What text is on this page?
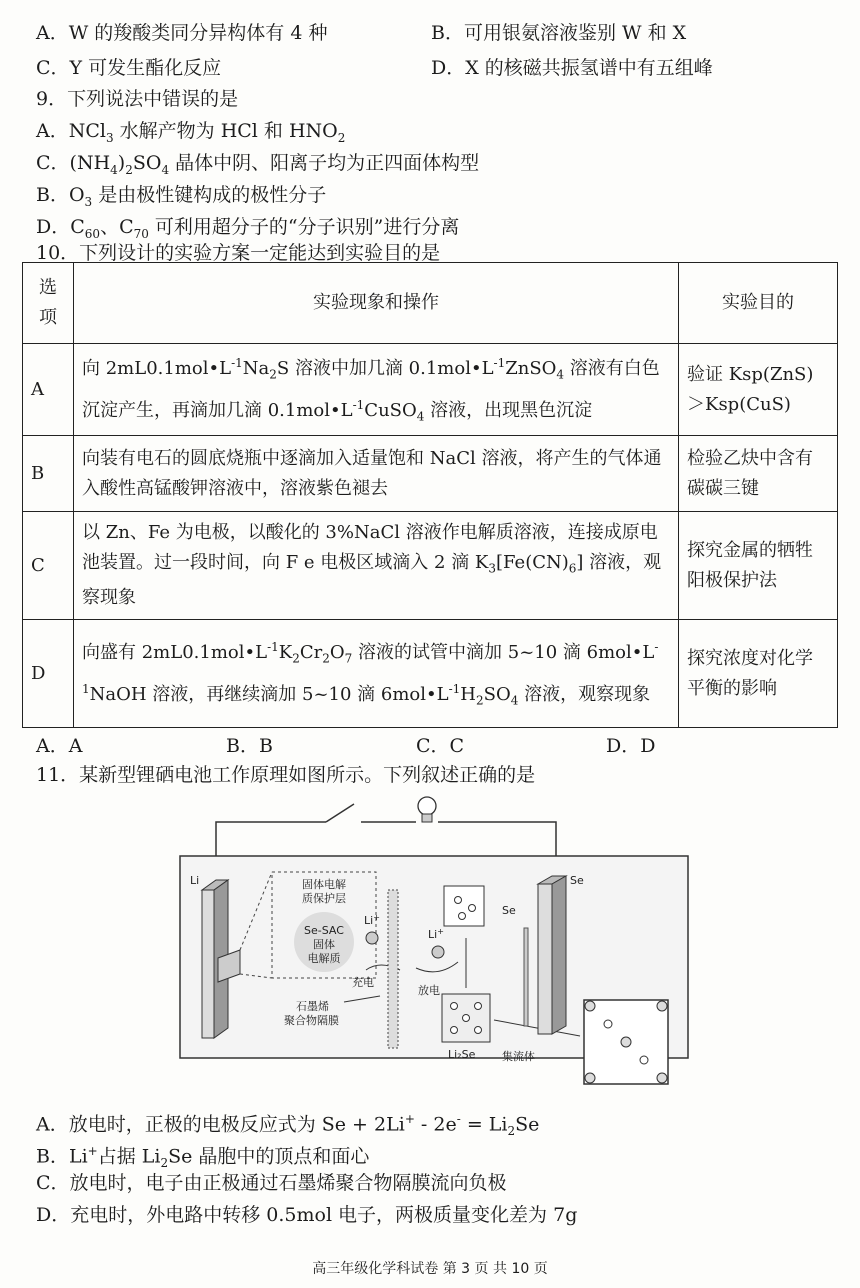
A．W 的羧酸类同分异构体有 4 种	B．可用银氨溶液鉴别 W 和 X
C．Y 可发生酯化反应	D．X 的核磁共振氢谱中有五组峰
9．下列说法中错误的是
A．NCl$_3$ 水解产物为 HCl 和 $HNO_2$
C．$(NH_4)_2SO_4$ 晶体中阴、阳离子均为正四面体构型
B．$O_3$ 是由极性键构成的极性分子
D．$C_{60}$、$C_{70}$ 可利用超分子的“分子识别”进行分离
10．下列设计的实验方案一定能达到实验目的是
选项	实验现象和操作	实验目的
A	向 $2mL0.1mol•L^{-1}Na_2S$ 溶液中加几滴 $0.1mol•L^{-1}ZnSO_4$ 溶液有白色沉淀产生，再滴加几滴 $0.1mol•L^{-1}CuSO_4$ 溶液，出现黑色沉淀	验证 Ksp(ZnS)＞Ksp(CuS)
B	向装有电石的圆底烧瓶中逐滴加入适量饱和 NaCl 溶液，将产生的气体通入酸性高锰酸钾溶液中，溶液紫色褪去	检验乙炔中含有碳碳三键
C	以 Zn、Fe 为电极，以酸化的 3%NaCl 溶液作电解质溶液，连接成原电池装置。过一段时间，向 F e 电极区域滴入 2 滴 $K_3[Fe(CN)_6]$ 溶液，观察现象	探究金属的牺牲阳极保护法
D	向盛有 $2mL0.1mol•L^{-1}K_2Cr_2O_7$ 溶液的试管中滴加 5~10 滴 $6mol•L^{-1}NaOH$ 溶液，再继续滴加 5~10 滴 $6mol•L^{-1}H_2SO_4$ 溶液，观察现象	探究浓度对化学平衡的影响
A．A	B．B	C．C	D．D
11．某新型锂硒电池工作原理如图所示。下列叙述正确的是
Li	固体电解
质保护层
Se-SAC
固体
电解质
Li+
Li+
充电
放电
石墨烯
聚合物隔膜
Se
Li₂Se 集流体
Se
A．放电时，正极的电极反应式为 $Se + 2Li^+ - 2e^- = Li_2Se$
B．Li+占据 $Li_2Se$ 晶胞中的顶点和面心
C．放电时，电子由正极通过石墨烯聚合物隔膜流向负极
D．充电时，外电路中转移 0.5mol 电子，两极质量变化差为 7g
高三年级化学科试卷 第 3 页 共 10 页
